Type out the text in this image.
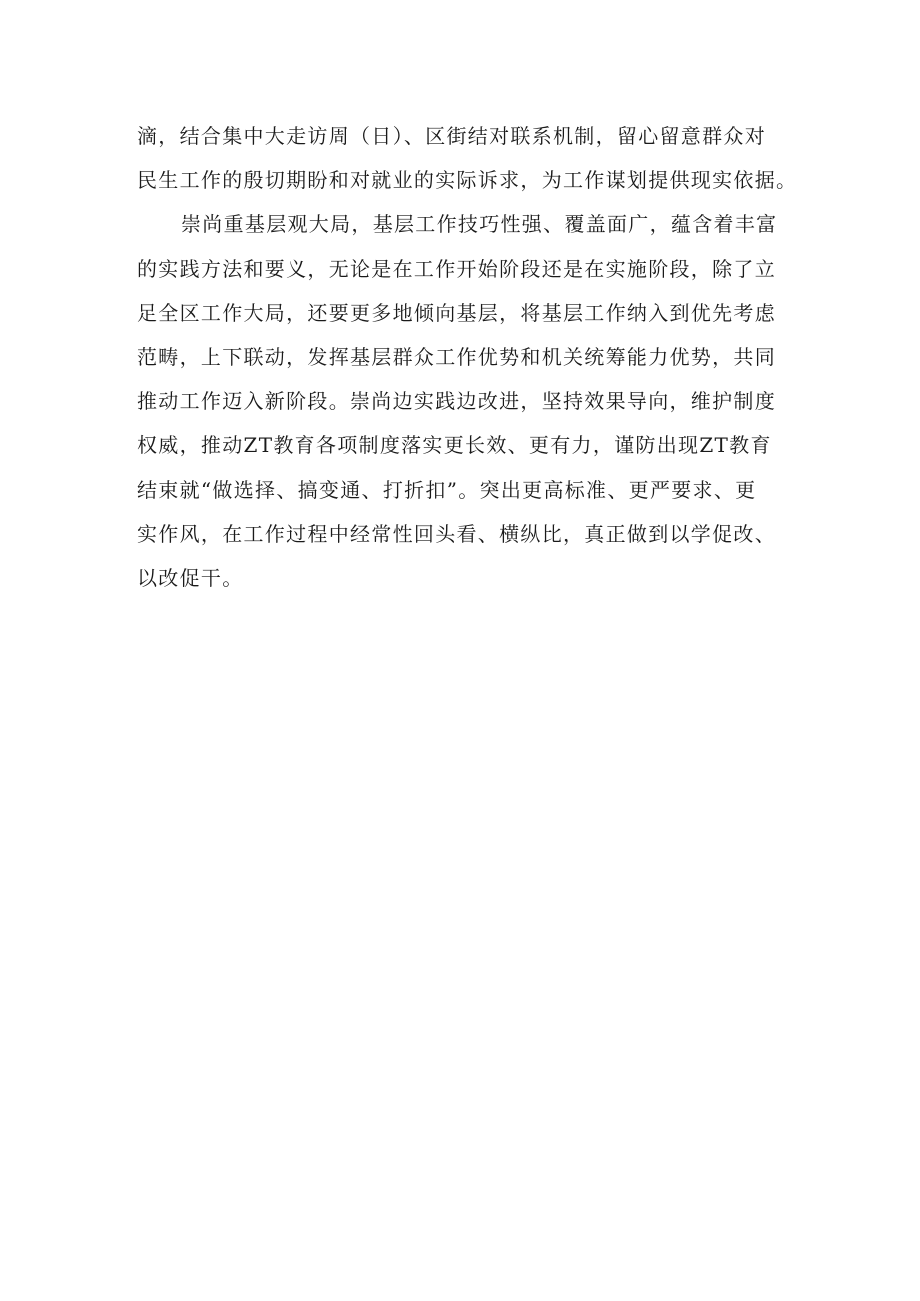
滴，结合集中大走访周（日）、区街结对联系机制，留心留意群众对
民生工作的殷切期盼和对就业的实际诉求，为工作谋划提供现实依据。
崇尚重基层观大局，基层工作技巧性强、覆盖面广，蕴含着丰富
的实践方法和要义，无论是在工作开始阶段还是在实施阶段，除了立
足全区工作大局，还要更多地倾向基层，将基层工作纳入到优先考虑
范畴，上下联动，发挥基层群众工作优势和机关统筹能力优势，共同
推动工作迈入新阶段。崇尚边实践边改进，坚持效果导向，维护制度
权威，推动ZT教育各项制度落实更长效、更有力，谨防出现ZT教育
结束就“做选择、搞变通、打折扣”。突出更高标准、更严要求、更
实作风，在工作过程中经常性回头看、横纵比，真正做到以学促改、
以改促干。
